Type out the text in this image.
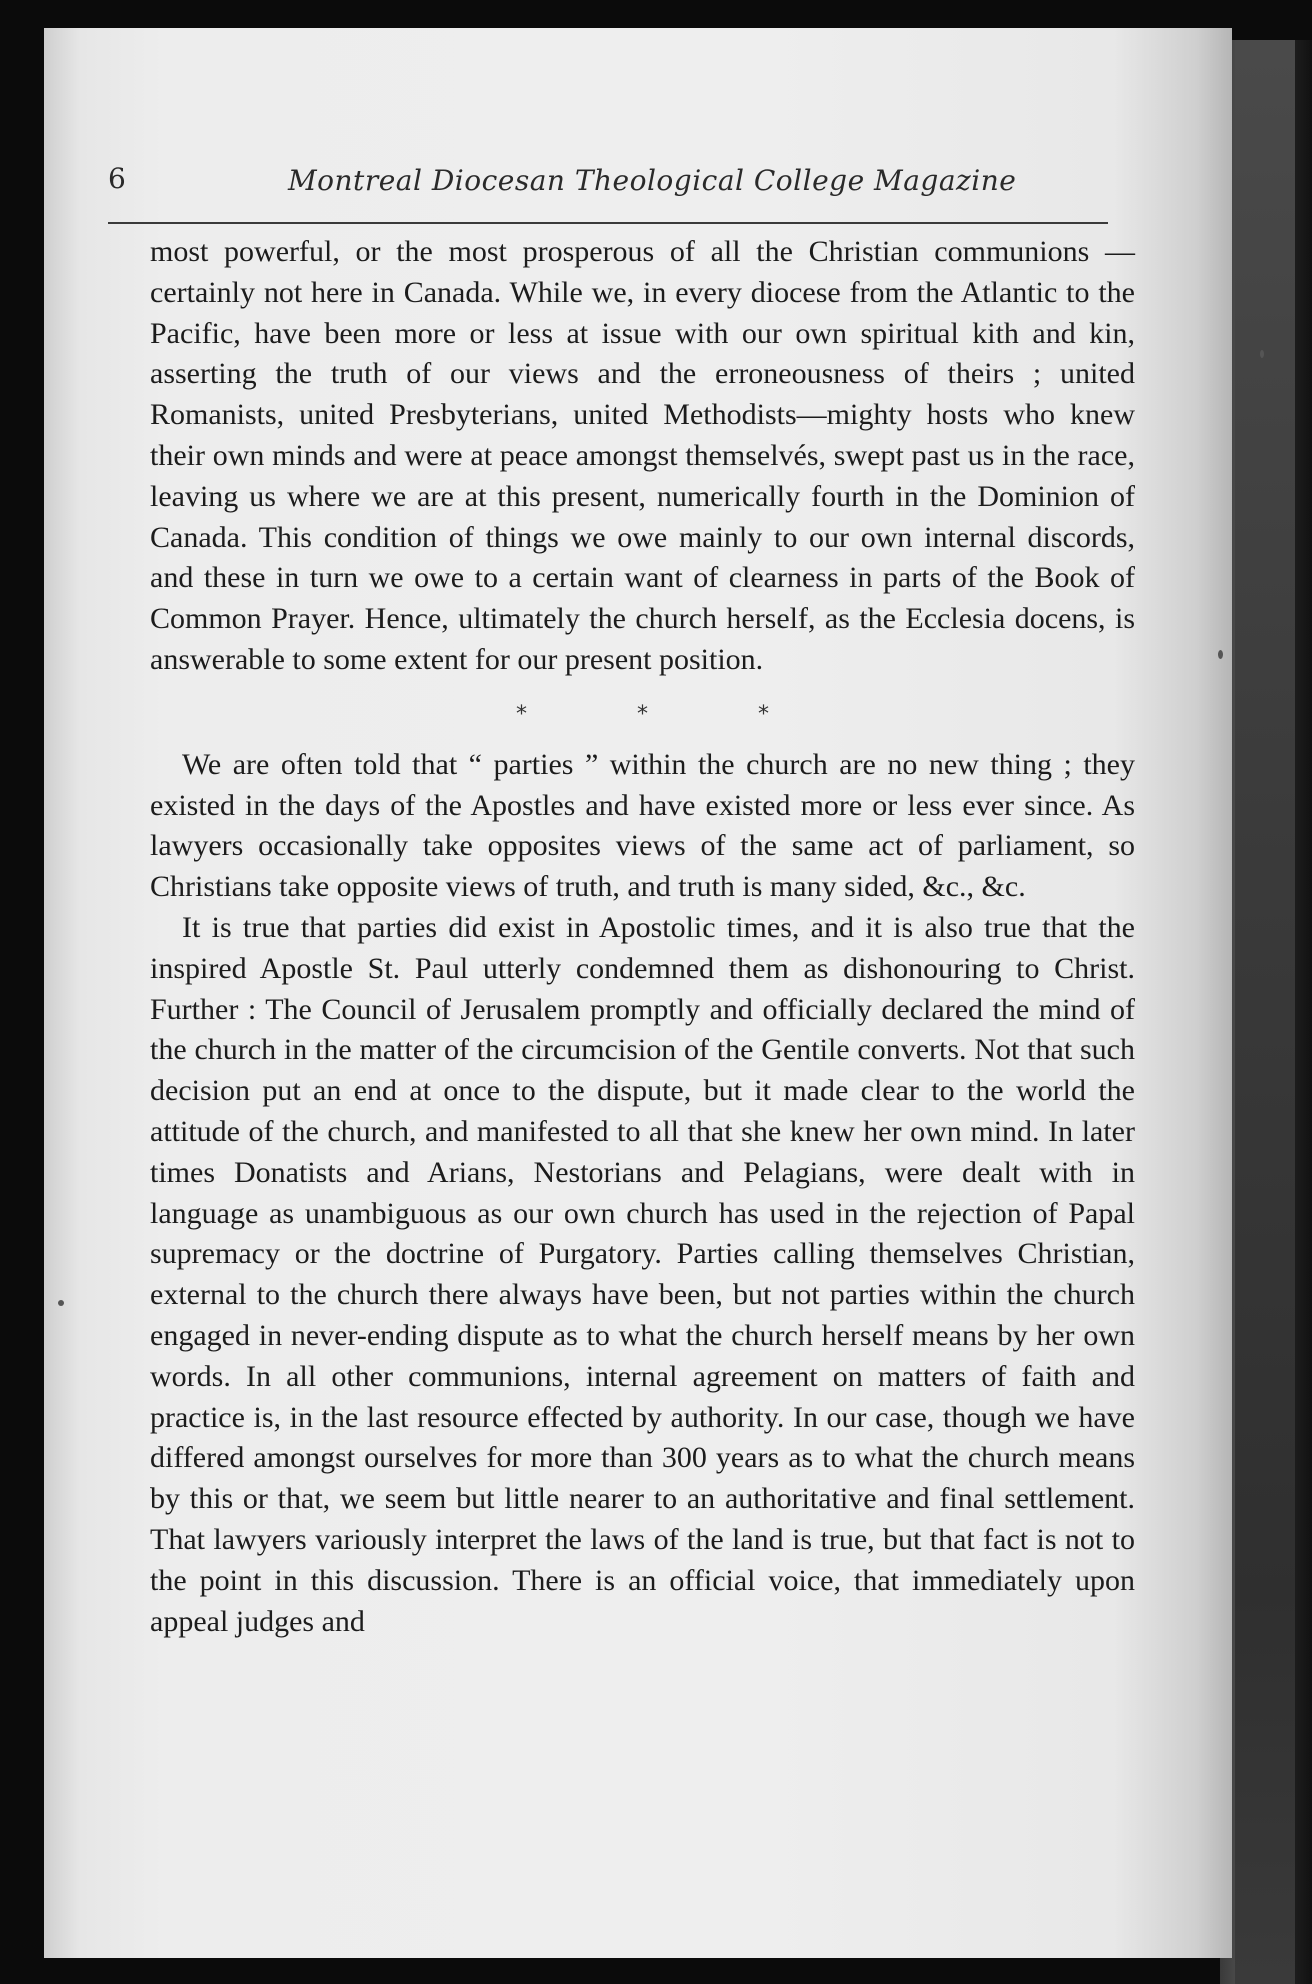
6	Montreal Diocesan Theological College Magazine

most powerful, or the most prosperous of all the Christian communions —certainly not here in Canada. While we, in every diocese from the Atlantic to the Pacific, have been more or less at issue with our own spiritual kith and kin, asserting the truth of our views and the erroneousness of theirs ; united Romanists, united Presbyterians, united Methodists—mighty hosts who knew their own minds and were at peace amongst themselvés, swept past us in the race, leaving us where we are at this present, numerically fourth in the Dominion of Canada. This condition of things we owe mainly to our own internal discords, and these in turn we owe to a certain want of clearness in parts of the Book of Common Prayer. Hence, ultimately the church herself, as the Ecclesia docens, is answerable to some extent for our present position.

*	*	*

We are often told that “ parties ” within the church are no new thing ; they existed in the days of the Apostles and have existed more or less ever since. As lawyers occasionally take opposites views of the same act of parliament, so Christians take opposite views of truth, and truth is many sided, &c., &c.

It is true that parties did exist in Apostolic times, and it is also true that the inspired Apostle St. Paul utterly condemned them as dishonouring to Christ. Further : The Council of Jerusalem promptly and officially declared the mind of the church in the matter of the circumcision of the Gentile converts. Not that such decision put an end at once to the dispute, but it made clear to the world the attitude of the church, and manifested to all that she knew her own mind. In later times Donatists and Arians, Nestorians and Pelagians, were dealt with in language as unambiguous as our own church has used in the rejection of Papal supremacy or the doctrine of Purgatory. Parties calling themselves Christian, external to the church there always have been, but not parties within the church engaged in never-ending dispute as to what the church herself means by her own words. In all other communions, internal agreement on matters of faith and practice is, in the last resource effected by authority. In our case, though we have differed amongst ourselves for more than 300 years as to what the church means by this or that, we seem but little nearer to an authoritative and final settlement. That lawyers variously interpret the laws of the land is true, but that fact is not to the point in this discussion. There is an official voice, that immediately upon appeal judges and
